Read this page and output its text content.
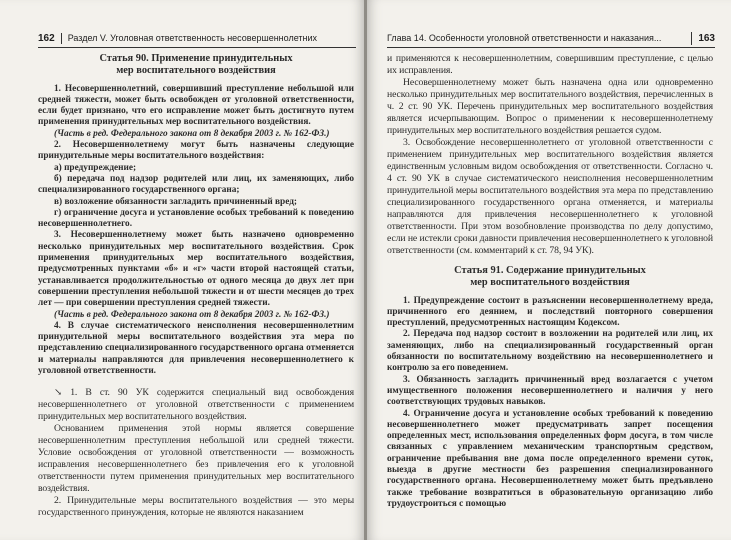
162 Раздел V. Уголовная ответственность несовершеннолетних
Статья 90. Применение принудительных
мер воспитательного воздействия

1. Несовершеннолетний, совершивший преступление небольшой или средней тяжести, может быть освобожден от уголовной ответственности, если будет признано, что его исправление может быть достигнуто путем применения принудительных мер воспитательного воздействия.

(Часть в ред. Федерального закона от 8 декабря 2003 г. № 162-ФЗ.)

2. Несовершеннолетнему могут быть назначены следующие принудительные меры воспитательного воздействия:

а) предупреждение;

б) передача под надзор родителей или лиц, их заменяющих, либо специализированного государственного органа;

в) возложение обязанности загладить причиненный вред;

г) ограничение досуга и установление особых требований к поведению несовершеннолетнего.

3. Несовершеннолетнему может быть назначено одновременно несколько принудительных мер воспитательного воздействия. Срок применения принудительных мер воспитательного воздействия, предусмотренных пунктами «б» и «г» части второй настоящей статьи, устанавливается продолжительностью от одного месяца до двух лет при совершении преступления небольшой тяжести и от шести месяцев до трех лет — при совершении преступления средней тяжести.

(Часть в ред. Федерального закона от 8 декабря 2003 г. № 162-ФЗ.)

4. В случае систематического неисполнения несовершеннолетним принудительной меры воспитательного воздействия эта мера по представлению специализированного государственного органа отменяется и материалы направляются для привлечения несовершеннолетнего к уголовной ответственности.

↘ 1. В ст. 90 УК содержится специальный вид освобождения несовершеннолетнего от уголовной ответственности с применением принудительных мер воспитательного воздействия.

Основанием применения этой нормы является совершение несовершеннолетним преступления небольшой или средней тяжести. Условие освобождения от уголовной ответственности — возможность исправления несовершеннолетнего без привлечения его к уголовной ответственности путем применения принудительных мер воспитательного воздействия.

2. Принудительные меры воспитательного воздействия — это меры государственного принуждения, которые не являются наказанием

163
Глава 14. Особенности уголовной ответственности и наказания...

и применяются к несовершеннолетним, совершившим преступление, с целью их исправления.

Несовершеннолетнему может быть назначена одна или одновременно несколько принудительных мер воспитательного воздействия, перечисленных в ч. 2 ст. 90 УК. Перечень принудительных мер воспитательного воздействия является исчерпывающим. Вопрос о применении к несовершеннолетнему принудительных мер воспитательного воздействия решается судом.

3. Освобождение несовершеннолетнего от уголовной ответственности с применением принудительных мер воспитательного воздействия является единственным условным видом освобождения от ответственности. Согласно ч. 4 ст. 90 УК в случае систематического неисполнения несовершеннолетним принудительной меры воспитательного воздействия эта мера по представлению специализированного государственного органа отменяется, и материалы направляются для привлечения несовершеннолетнего к уголовной ответственности. При этом возобновление производства по делу допустимо, если не истекли сроки давности привлечения несовершеннолетнего к уголовной ответственности (см. комментарий к ст. 78, 94 УК).

Статья 91. Содержание принудительных
мер воспитательного воздействия

1. Предупреждение состоит в разъяснении несовершеннолетнему вреда, причиненного его деянием, и последствий повторного совершения преступлений, предусмотренных настоящим Кодексом.

2. Передача под надзор состоит в возложении на родителей или лиц, их заменяющих, либо на специализированный государственный орган обязанности по воспитательному воздействию на несовершеннолетнего и контролю за его поведением.

3. Обязанность загладить причиненный вред возлагается с учетом имущественного положения несовершеннолетнего и наличия у него соответствующих трудовых навыков.

4. Ограничение досуга и установление особых требований к поведению несовершеннолетнего может предусматривать запрет посещения определенных мест, использования определенных форм досуга, в том числе связанных с управлением механическим транспортным средством, ограничение пребывания вне дома после определенного времени суток, выезда в другие местности без разрешения специализированного государственного органа. Несовершеннолетнему может быть предъявлено также требование возвратиться в образовательную организацию либо трудоустроиться с помощью
